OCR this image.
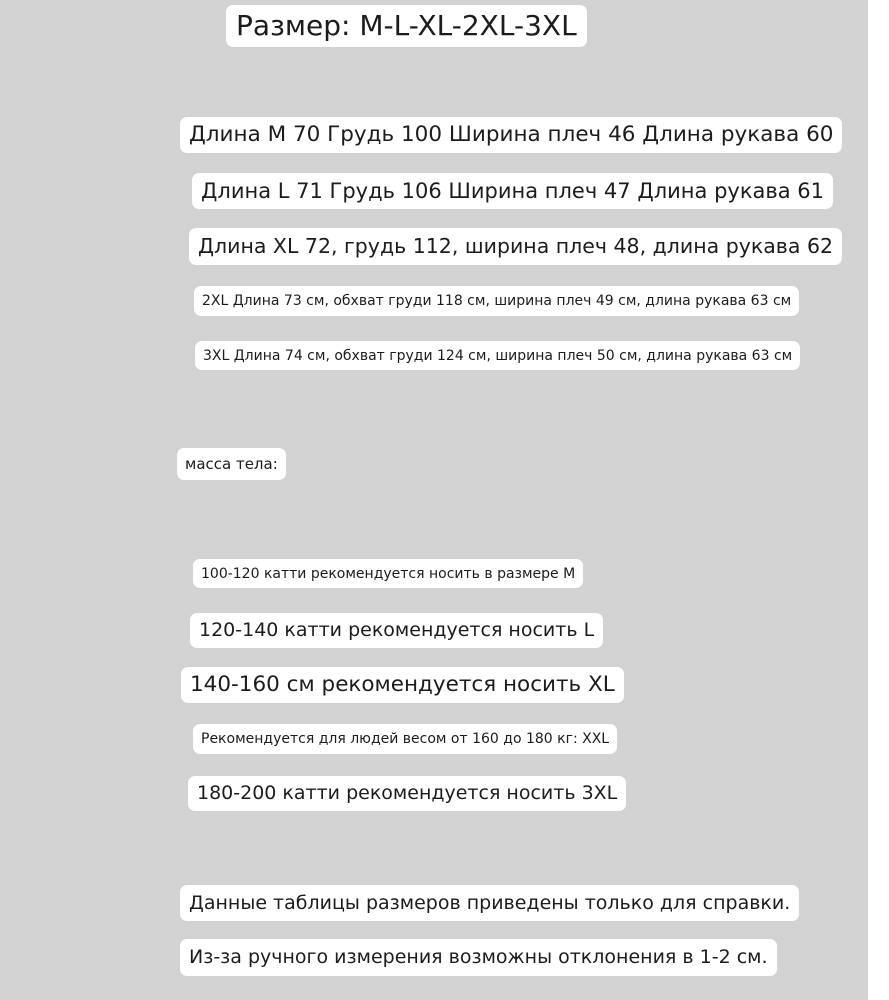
Размер: M-L-XL-2XL-3XL
Длина M 70 Грудь 100 Ширина плеч 46 Длина рукава 60
Длина L 71 Грудь 106 Ширина плеч 47 Длина рукава 61
Длина XL 72, грудь 112, ширина плеч 48, длина рукава 62
2XL Длина 73 см, обхват груди 118 см, ширина плеч 49 см, длина рукава 63 см
3XL Длина 74 см, обхват груди 124 см, ширина плеч 50 см, длина рукава 63 см
масса тела:
100-120 катти рекомендуется носить в размере M
120-140 катти рекомендуется носить L
140-160 см рекомендуется носить XL
Рекомендуется для людей весом от 160 до 180 кг: XXL
180-200 катти рекомендуется носить 3XL
Данные таблицы размеров приведены только для справки.
Из-за ручного измерения возможны отклонения в 1-2 см.
